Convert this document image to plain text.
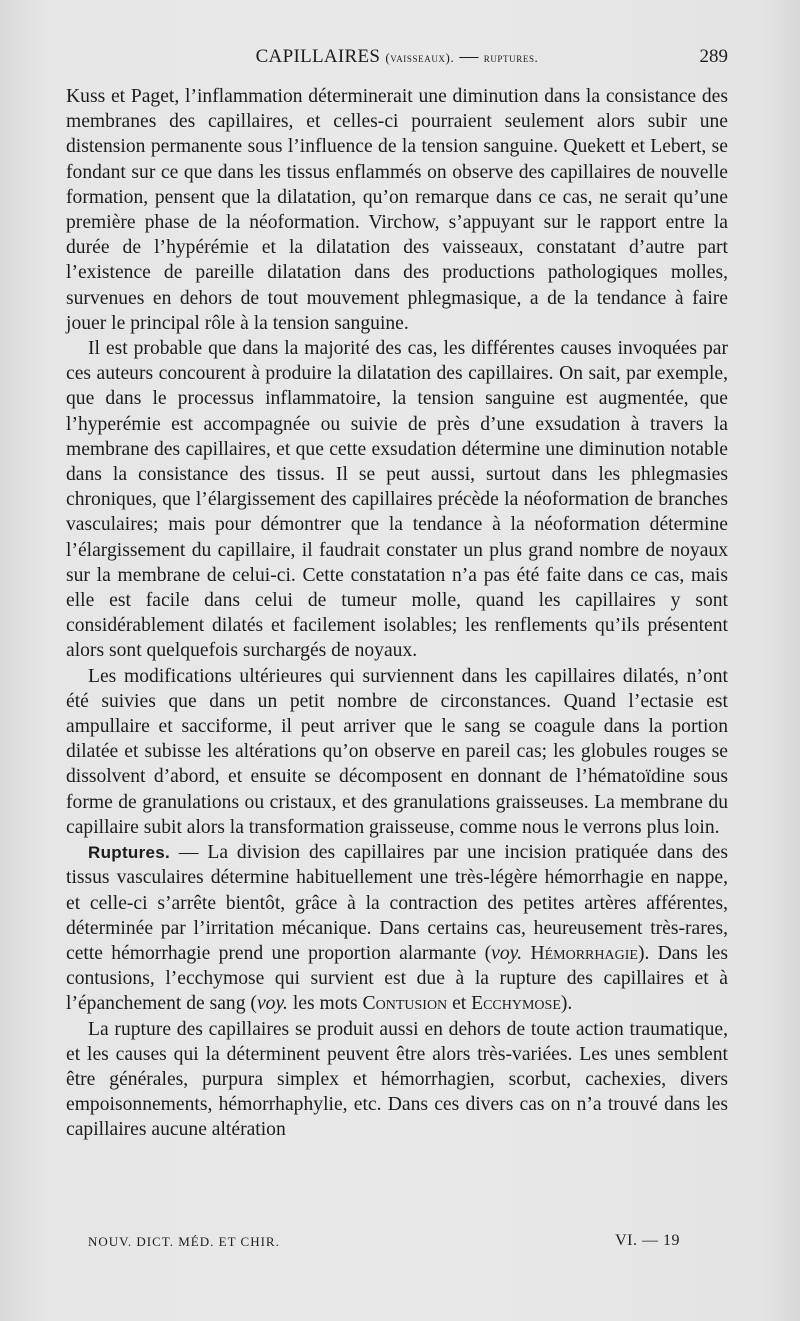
CAPILLAIRES (vaisseaux). — ruptures.	289

Kuss et Paget, l’inflammation déterminerait une diminution dans la consistance des membranes des capillaires, et celles-ci pourraient seulement alors subir une distension permanente sous l’influence de la tension sanguine. Quekett et Lebert, se fondant sur ce que dans les tissus enflammés on observe des capillaires de nouvelle formation, pensent que la dilatation, qu’on remarque dans ce cas, ne serait qu’une première phase de la néoformation. Virchow, s’appuyant sur le rapport entre la durée de l’hypérémie et la dilatation des vaisseaux, constatant d’autre part l’existence de pareille dilatation dans des productions pathologiques molles, survenues en dehors de tout mouvement phlegmasique, a de la tendance à faire jouer le principal rôle à la tension sanguine.

Il est probable que dans la majorité des cas, les différentes causes invoquées par ces auteurs concourent à produire la dilatation des capillaires. On sait, par exemple, que dans le processus inflammatoire, la tension sanguine est augmentée, que l’hyperémie est accompagnée ou suivie de près d’une exsudation à travers la membrane des capillaires, et que cette exsudation détermine une diminution notable dans la consistance des tissus. Il se peut aussi, surtout dans les phlegmasies chroniques, que l’élargissement des capillaires précède la néoformation de branches vasculaires; mais pour démontrer que la tendance à la néoformation détermine l’élargissement du capillaire, il faudrait constater un plus grand nombre de noyaux sur la membrane de celui-ci. Cette constatation n’a pas été faite dans ce cas, mais elle est facile dans celui de tumeur molle, quand les capillaires y sont considérablement dilatés et facilement isolables; les renflements qu’ils présentent alors sont quelquefois surchargés de noyaux.

Les modifications ultérieures qui surviennent dans les capillaires dilatés, n’ont été suivies que dans un petit nombre de circonstances. Quand l’ectasie est ampullaire et sacciforme, il peut arriver que le sang se coagule dans la portion dilatée et subisse les altérations qu’on observe en pareil cas; les globules rouges se dissolvent d’abord, et ensuite se décomposent en donnant de l’hématoïdine sous forme de granulations ou cristaux, et des granulations graisseuses. La membrane du capillaire subit alors la transformation graisseuse, comme nous le verrons plus loin.

Ruptures. — La division des capillaires par une incision pratiquée dans des tissus vasculaires détermine habituellement une très-légère hémorrhagie en nappe, et celle-ci s’arrête bientôt, grâce à la contraction des petites artères afférentes, déterminée par l’irritation mécanique. Dans certains cas, heureusement très-rares, cette hémorrhagie prend une proportion alarmante (voy. Hémorrhagie). Dans les contusions, l’ecchymose qui survient est due à la rupture des capillaires et à l’épanchement de sang (voy. les mots Contusion et Ecchymose).

La rupture des capillaires se produit aussi en dehors de toute action traumatique, et les causes qui la déterminent peuvent être alors très-variées. Les unes semblent être générales, purpura simplex et hémorrhagien, scorbut, cachexies, divers empoisonnements, hémorrhaphylie, etc. Dans ces divers cas on n’a trouvé dans les capillaires aucune altération

NOUV. DICT. MÉD. ET CHIR.	VI. — 19
